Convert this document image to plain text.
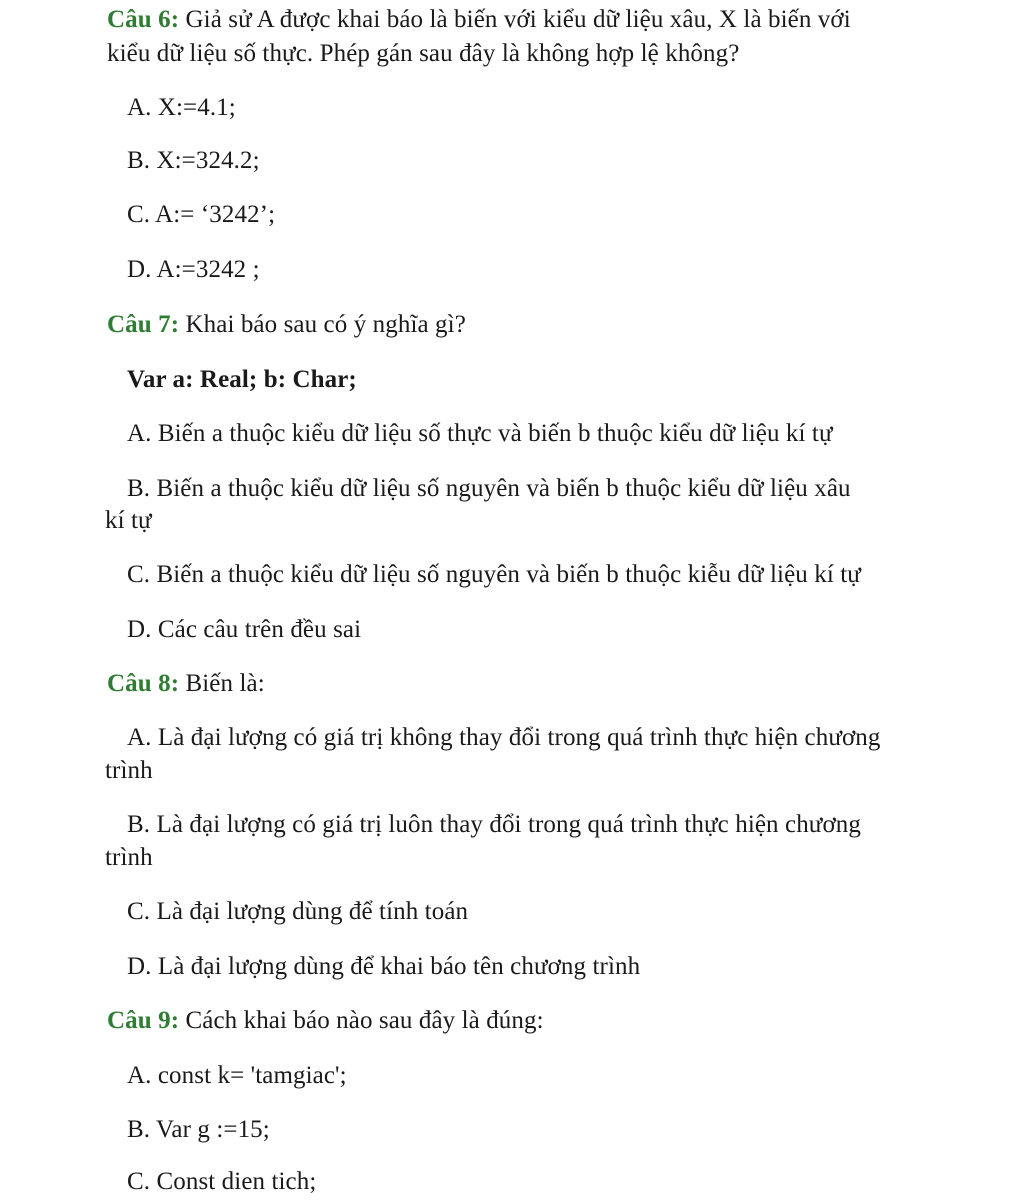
Câu 6: Giả sử A được khai báo là biến với kiểu dữ liệu xâu, X là biến với
kiểu dữ liệu số thực. Phép gán sau đây là không hợp lệ không?
A. X:=4.1;
B. X:=324.2;
C. A:= ‘3242’;
D. A:=3242 ;
Câu 7: Khai báo sau có ý nghĩa gì?
Var a: Real; b: Char;
A. Biến a thuộc kiểu dữ liệu số thực và biến b thuộc kiểu dữ liệu kí tự
B. Biến a thuộc kiểu dữ liệu số nguyên và biến b thuộc kiểu dữ liệu xâu
kí tự
C. Biến a thuộc kiểu dữ liệu số nguyên và biến b thuộc kiễu dữ liệu kí tự
D. Các câu trên đều sai
Câu 8: Biến là:
A. Là đại lượng có giá trị không thay đổi trong quá trình thực hiện chương
trình
B. Là đại lượng có giá trị luôn thay đổi trong quá trình thực hiện chương
trình
C. Là đại lượng dùng để tính toán
D. Là đại lượng dùng để khai báo tên chương trình
Câu 9: Cách khai báo nào sau đây là đúng:
A. const k= 'tamgiac';
B. Var g :=15;
C. Const dien tich;
